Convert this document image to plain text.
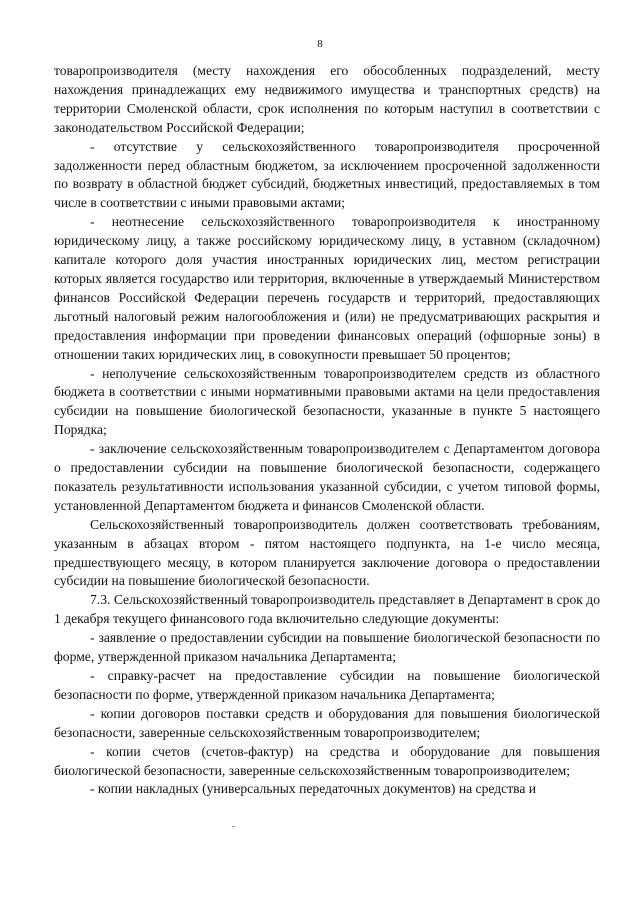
8

товаропроизводителя (месту нахождения его обособленных подразделений, месту нахождения принадлежащих ему недвижимого имущества и транспортных средств) на территории Смоленской области, срок исполнения по которым наступил в соответствии с законодательством Российской Федерации;

- отсутствие у сельскохозяйственного товаропроизводителя просроченной задолженности перед областным бюджетом, за исключением просроченной задолженности по возврату в областной бюджет субсидий, бюджетных инвестиций, предоставляемых в том числе в соответствии с иными правовыми актами;

- неотнесение сельскохозяйственного товаропроизводителя к иностранному юридическому лицу, а также российскому юридическому лицу, в уставном (складочном) капитале которого доля участия иностранных юридических лиц, местом регистрации которых является государство или территория, включенные в утверждаемый Министерством финансов Российской Федерации перечень государств и территорий, предоставляющих льготный налоговый режим налогообложения и (или) не предусматривающих раскрытия и предоставления информации при проведении финансовых операций (офшорные зоны) в отношении таких юридических лиц, в совокупности превышает 50 процентов;

- неполучение сельскохозяйственным товаропроизводителем средств из областного бюджета в соответствии с иными нормативными правовыми актами на цели предоставления субсидии на повышение биологической безопасности, указанные в пункте 5 настоящего Порядка;

- заключение сельскохозяйственным товаропроизводителем с Департаментом договора о предоставлении субсидии на повышение биологической безопасности, содержащего показатель результативности использования указанной субсидии, с учетом типовой формы, установленной Департаментом бюджета и финансов Смоленской области.

Сельскохозяйственный товаропроизводитель должен соответствовать требованиям, указанным в абзацах втором - пятом настоящего подпункта, на 1-е число месяца, предшествующего месяцу, в котором планируется заключение договора о предоставлении субсидии на повышение биологической безопасности.

7.3. Сельскохозяйственный товаропроизводитель представляет в Департамент в срок до 1 декабря текущего финансового года включительно следующие документы:

- заявление о предоставлении субсидии на повышение биологической безопасности по форме, утвержденной приказом начальника Департамента;

- справку-расчет на предоставление субсидии на повышение биологической безопасности по форме, утвержденной приказом начальника Департамента;

- копии договоров поставки средств и оборудования для повышения биологической безопасности, заверенные сельскохозяйственным товаропроизводителем;

- копии счетов (счетов-фактур) на средства и оборудование для повышения биологической безопасности, заверенные сельскохозяйственным товаропроизводителем;

- копии накладных (универсальных передаточных документов) на средства и
